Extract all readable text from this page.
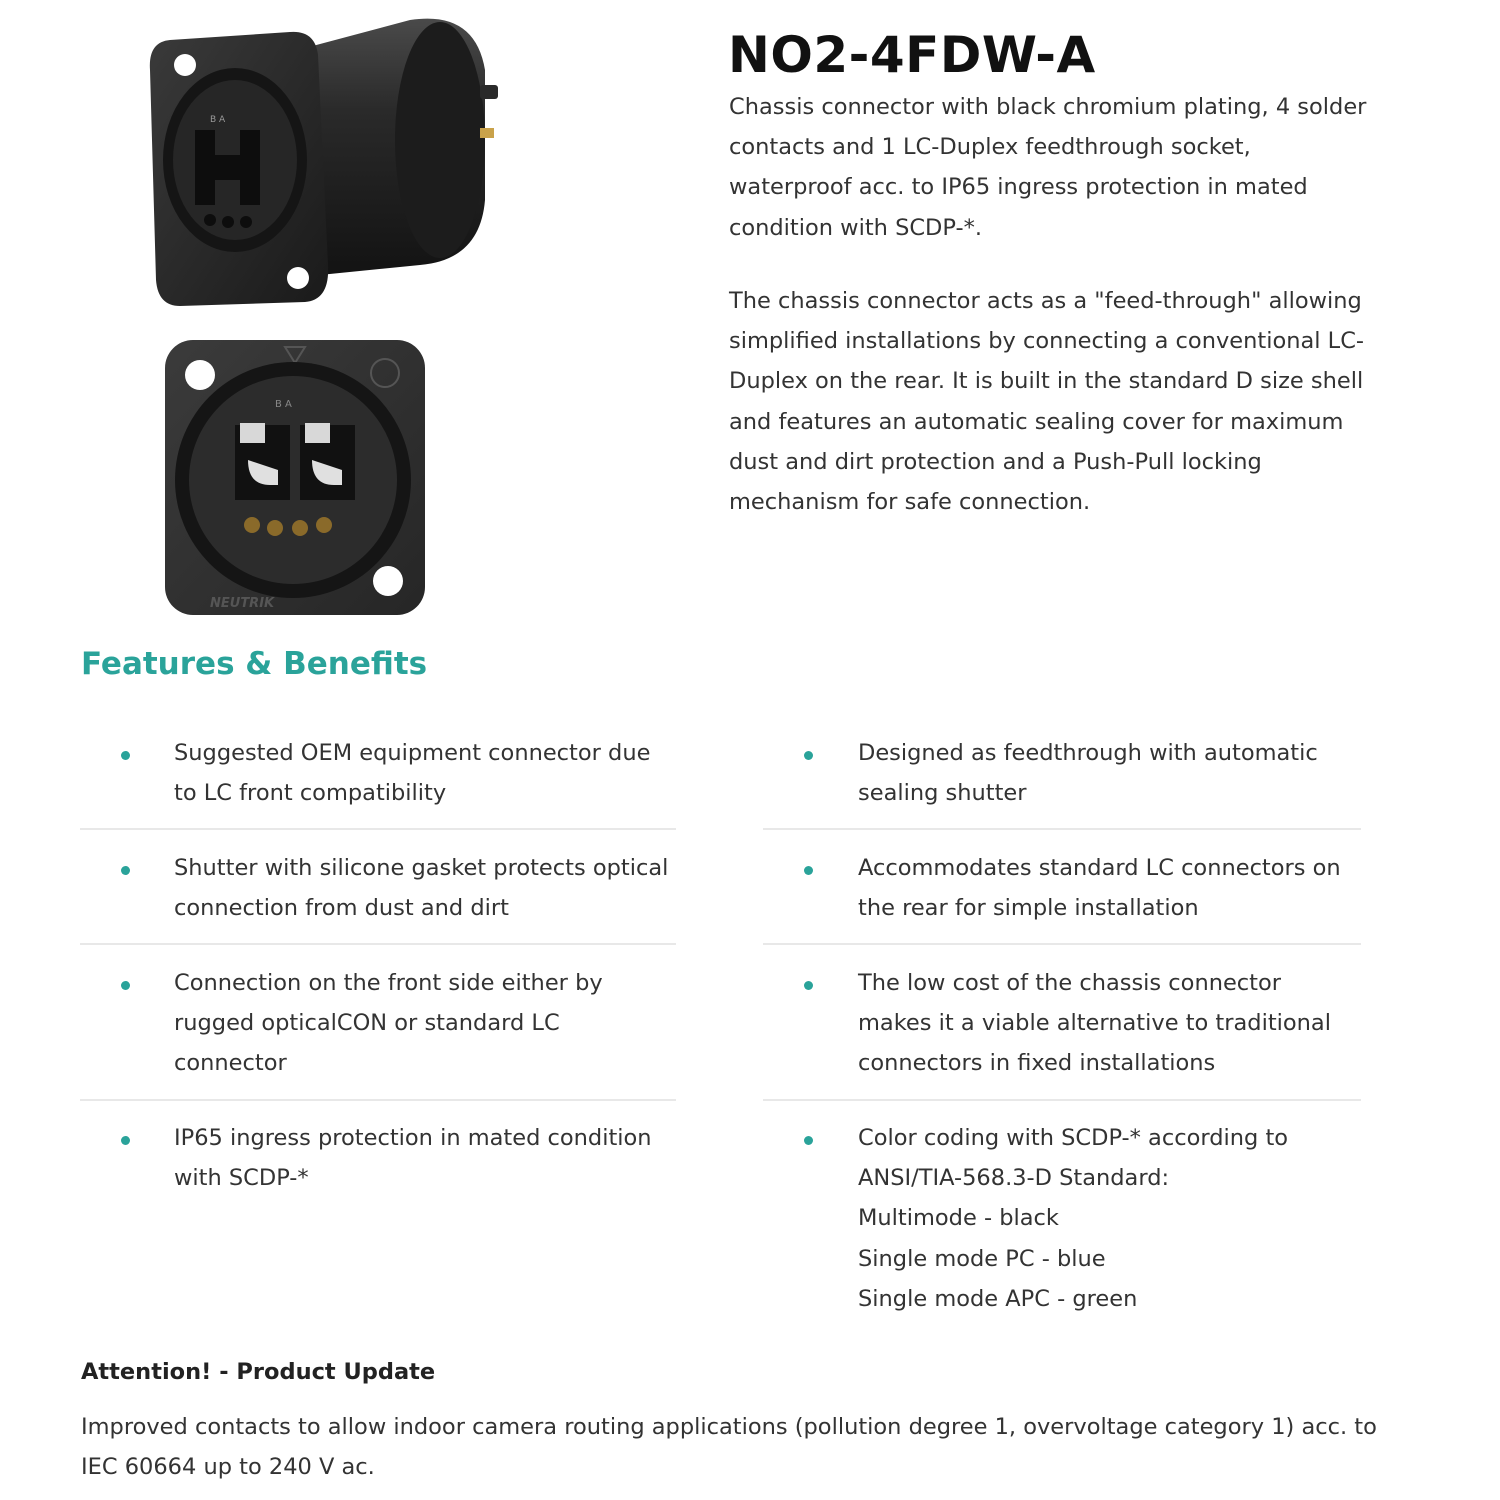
B A
B A
NEUTRIK
NO2-4FDW-A
Chassis connector with black chromium plating, 4 solder contacts and 1 LC-Duplex feedthrough socket, waterproof acc. to IP65 ingress protection in mated condition with SCDP-*.
The chassis connector acts as a "feed-through" allowing simplified installations by connecting a conventional LC-Duplex on the rear. It is built in the standard D size shell and features an automatic sealing cover for maximum dust and dirt protection and a Push-Pull locking mechanism for safe connection.
Features & Benefits
Suggested OEM equipment connector due to LC front compatibility
Shutter with silicone gasket protects optical connection from dust and dirt
Connection on the front side either by rugged opticalCON or standard LC connector
IP65 ingress protection in mated condition with SCDP-*
Designed as feedthrough with automatic sealing shutter
Accommodates standard LC connectors on the rear for simple installation
The low cost of the chassis connector makes it a viable alternative to traditional connectors in fixed installations
Color coding with SCDP-* according to ANSI/TIA-568.3-D Standard:
Multimode - black
Single mode PC - blue
Single mode APC - green
Attention! - Product Update
Improved contacts to allow indoor camera routing applications (pollution degree 1, overvoltage category 1) acc. to IEC 60664 up to 240 V ac.
